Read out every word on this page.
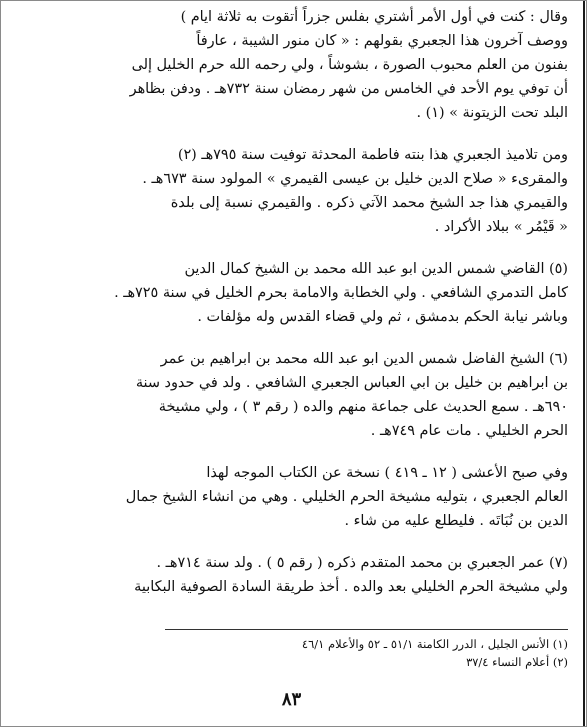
وقال : كنت في أول الأمر أشتري بفلس جزراً أتقوت به ثلاثة ايام )
ووصف آخرون هذا الجعبري بقولهم : « كان منور الشيبة ، عارفاً
بفنون من العلم محبوب الصورة ، بشوشاً ، ولي رحمه الله حرم الخليل إلى
أن توفي يوم الأحد في الخامس من شهر رمضان سنة ٧٣٢هـ . ودفن بظاهر
البلد تحت الزيتونة » (١) .
ومن تلاميذ الجعبري هذا بنته فاطمة المحدثة توفيت سنة ٧٩٥هـ (٢)
والمقرىء « صلاح الدين خليل بن عيسى القيمري » المولود سنة ٦٧٣هـ .
والقيمري هذا جد الشيخ محمد الآتي ذكره . والقيمري نسبة إلى بلدة
« قَيْمُر » ببلاد الأكراد .
(٥) القاضي شمس الدين ابو عبد الله محمد بن الشيخ كمال الدين
كامل التدمري الشافعي . ولي الخطابة والامامة بحرم الخليل في سنة ٧٢٥هـ .
وباشر نيابة الحكم بدمشق ، ثم ولي قضاء القدس وله مؤلفات .
(٦) الشيخ الفاضل شمس الدين ابو عبد الله محمد بن ابراهيم بن عمر
بن ابراهيم بن خليل بن ابي العباس الجعبري الشافعي . ولد في حدود سنة
٦٩٠هـ . سمع الحديث على جماعة منهم والده ( رقم ٣ ) ، ولي مشيخة
الحرم الخليلي . مات عام ٧٤٩هـ .
وفي صبح الأعشى ( ١٢ ـ ٤١٩ ) نسخة عن الكتاب الموجه لهذا
العالم الجعبري ، بتوليه مشيخة الحرم الخليلي . وهي من انشاء الشيخ جمال
الدين بن نُبَاتَه . فليطلع عليه من شاء .
(٧) عمر الجعبري بن محمد المتقدم ذكره ( رقم ٥ ) . ولد سنة ٧١٤هـ .
ولي مشيخة الحرم الخليلي بعد والده . أخذ طريقة السادة الصوفية البكابية
(١) الأنس الجليل ، الدرر الكامنة ٥١/١ ـ ٥٢ والأعلام ٤٦/١
(٢) أعلام النساء ٣٧/٤
٨٣
